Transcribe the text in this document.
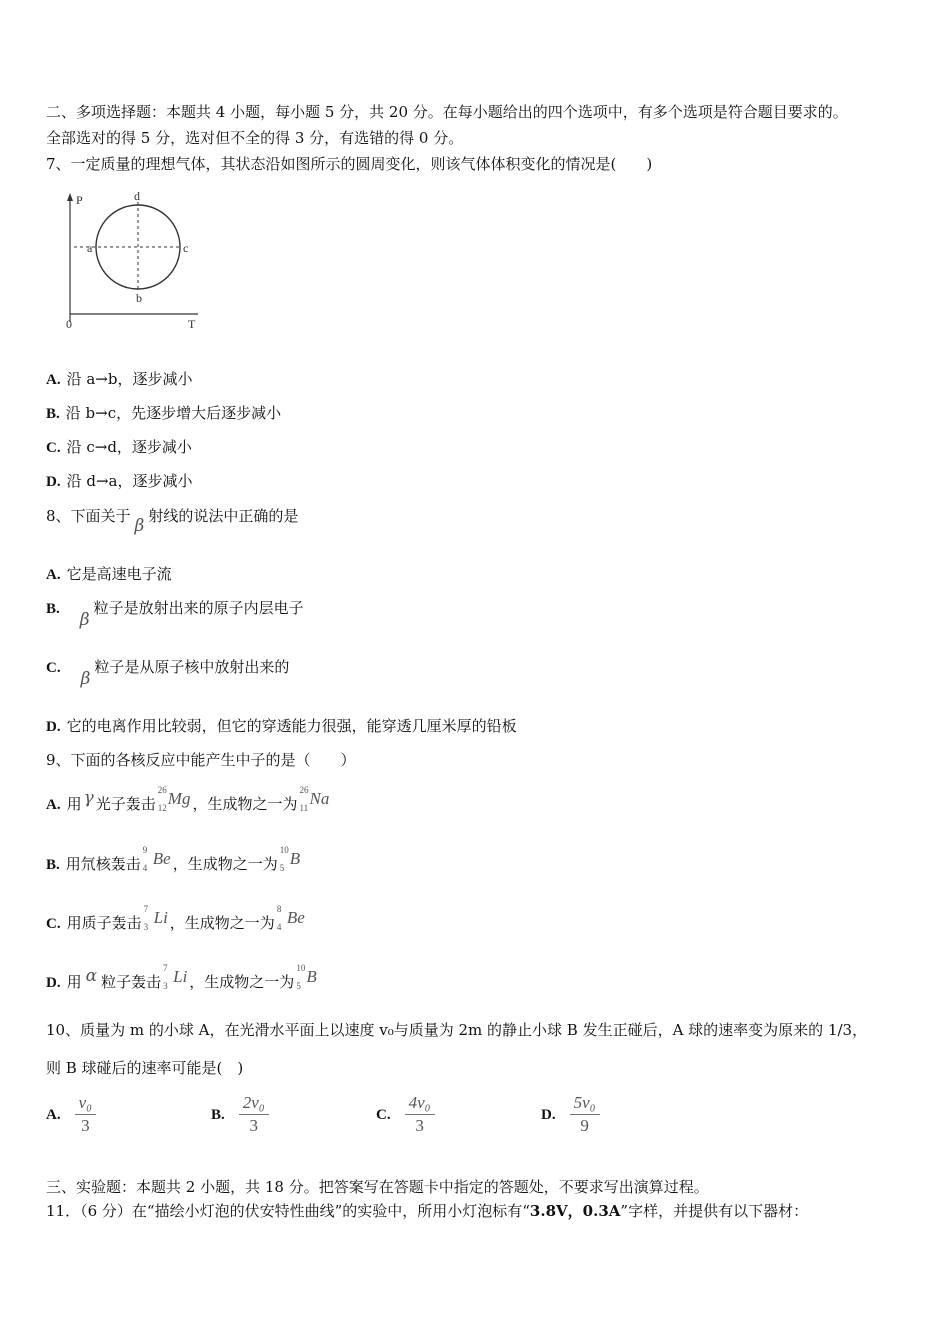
二、多项选择题：本题共 4 小题，每小题 5 分，共 20 分。在每小题给出的四个选项中，有多个选项是符合题目要求的。
全部选对的得 5 分，选对但不全的得 3 分，有选错的得 0 分。
7、一定质量的理想气体，其状态沿如图所示的圆周变化，则该气体体积变化的情况是(　　)
P
T
0
a
b
c
d
A. 沿 a→b，逐步减小
B. 沿 b→c，先逐步增大后逐步减小
C. 沿 c→d，逐步减小
D. 沿 d→a，逐步减小
8、下面关于 β 射线的说法中正确的是
A. 它是高速电子流
B.β粒子是放射出来的原子内层电子
C.β粒子是从原子核中放射出来的
D. 它的电离作用比较弱，但它的穿透能力很强，能穿透几厘米厚的铅板
9、下面的各核反应中能产生中子的是（　　）
A. 用 γ 光子轰击
26
12 Mg ，生成物之一为
26
11 Na
B. 用氘核轰击
9
4 Be ，生成物之一为
10
5 B
C. 用质子轰击
7
3 Li ，生成物之一为
8
4 Be
D. 用 α 粒子轰击
7
3 Li ，生成物之一为
10
5 B
10、质量为 m 的小球 A，在光滑水平面上以速度 v₀与质量为 2m 的静止小球 B 发生正碰后，A 球的速率变为原来的 1/3，
则 B 球碰后的速率可能是(　)
A. $\frac{\text{v₀}}{3}$	B. $\frac{\text{2v₀}}{3}$	C. $\frac{\text{4v₀}}{3}$	D. $\frac{\text{5v₀}}{9}$
三、实验题：本题共 2 小题，共 18 分。把答案写在答题卡中指定的答题处，不要求写出演算过程。
11．（6 分）在“描绘小灯泡的伏安特性曲线”的实验中，所用小灯泡标有“3.8V，0.3A”字样，并提供有以下器材：
